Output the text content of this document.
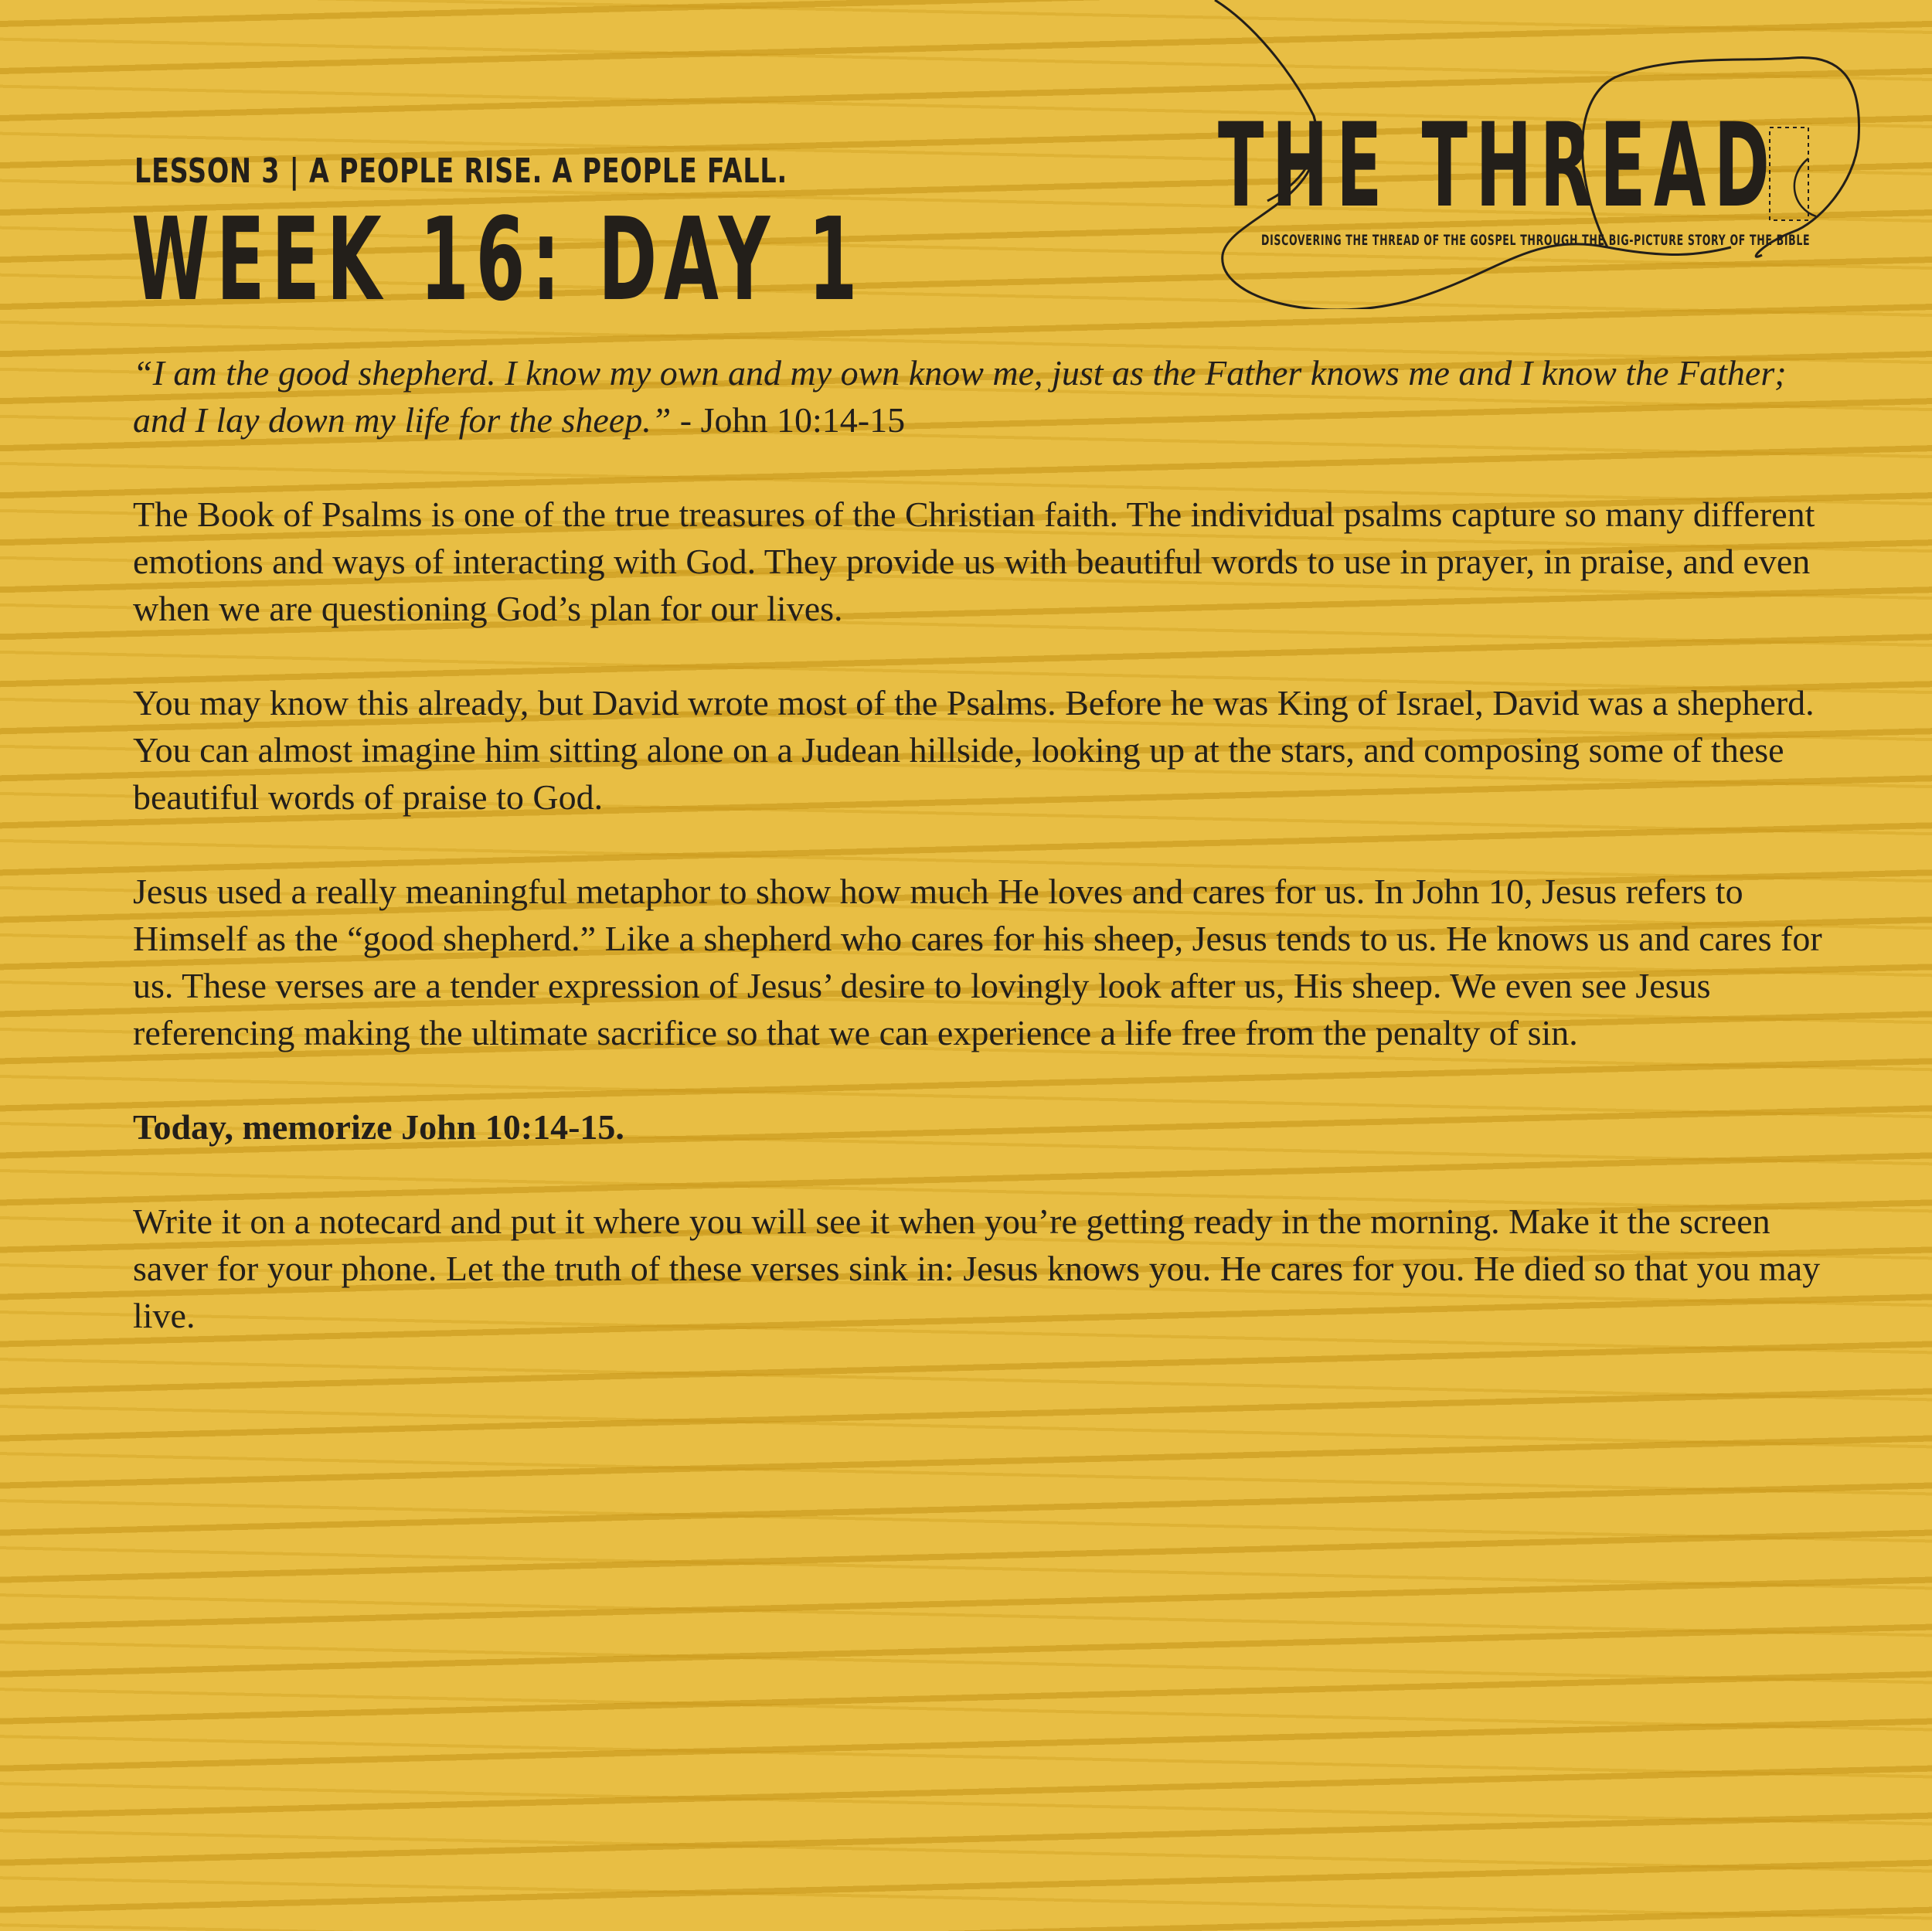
LESSON 3 | A PEOPLE RISE. A PEOPLE FALL.
WEEK 16: DAY 1
THE THREAD
DISCOVERING THE THREAD OF THE GOSPEL THROUGH THE BIG-PICTURE STORY OF THE BIBLE

“I am the good shepherd. I know my own and my own know me, just as the Father knows me and I know the Father; and I lay down my life for the sheep.” - John 10:14-15

The Book of Psalms is one of the true treasures of the Christian faith. The individual psalms capture so many different emotions and ways of interacting with God. They provide us with beautiful words to use in prayer, in praise, and even when we are questioning God’s plan for our lives.

You may know this already, but David wrote most of the Psalms. Before he was King of Israel, David was a shepherd. You can almost imagine him sitting alone on a Judean hillside, looking up at the stars, and composing some of these beautiful words of praise to God.

Jesus used a really meaningful metaphor to show how much He loves and cares for us. In John 10, Jesus refers to Himself as the “good shepherd.” Like a shepherd who cares for his sheep, Jesus tends to us. He knows us and cares for us. These verses are a tender expression of Jesus’ desire to lovingly look after us, His sheep. We even see Jesus referencing making the ultimate sacrifice so that we can experience a life free from the penalty of sin.

Today, memorize John 10:14-15.

Write it on a notecard and put it where you will see it when you’re getting ready in the morning. Make it the screen saver for your phone. Let the truth of these verses sink in: Jesus knows you. He cares for you. He died so that you may live.
